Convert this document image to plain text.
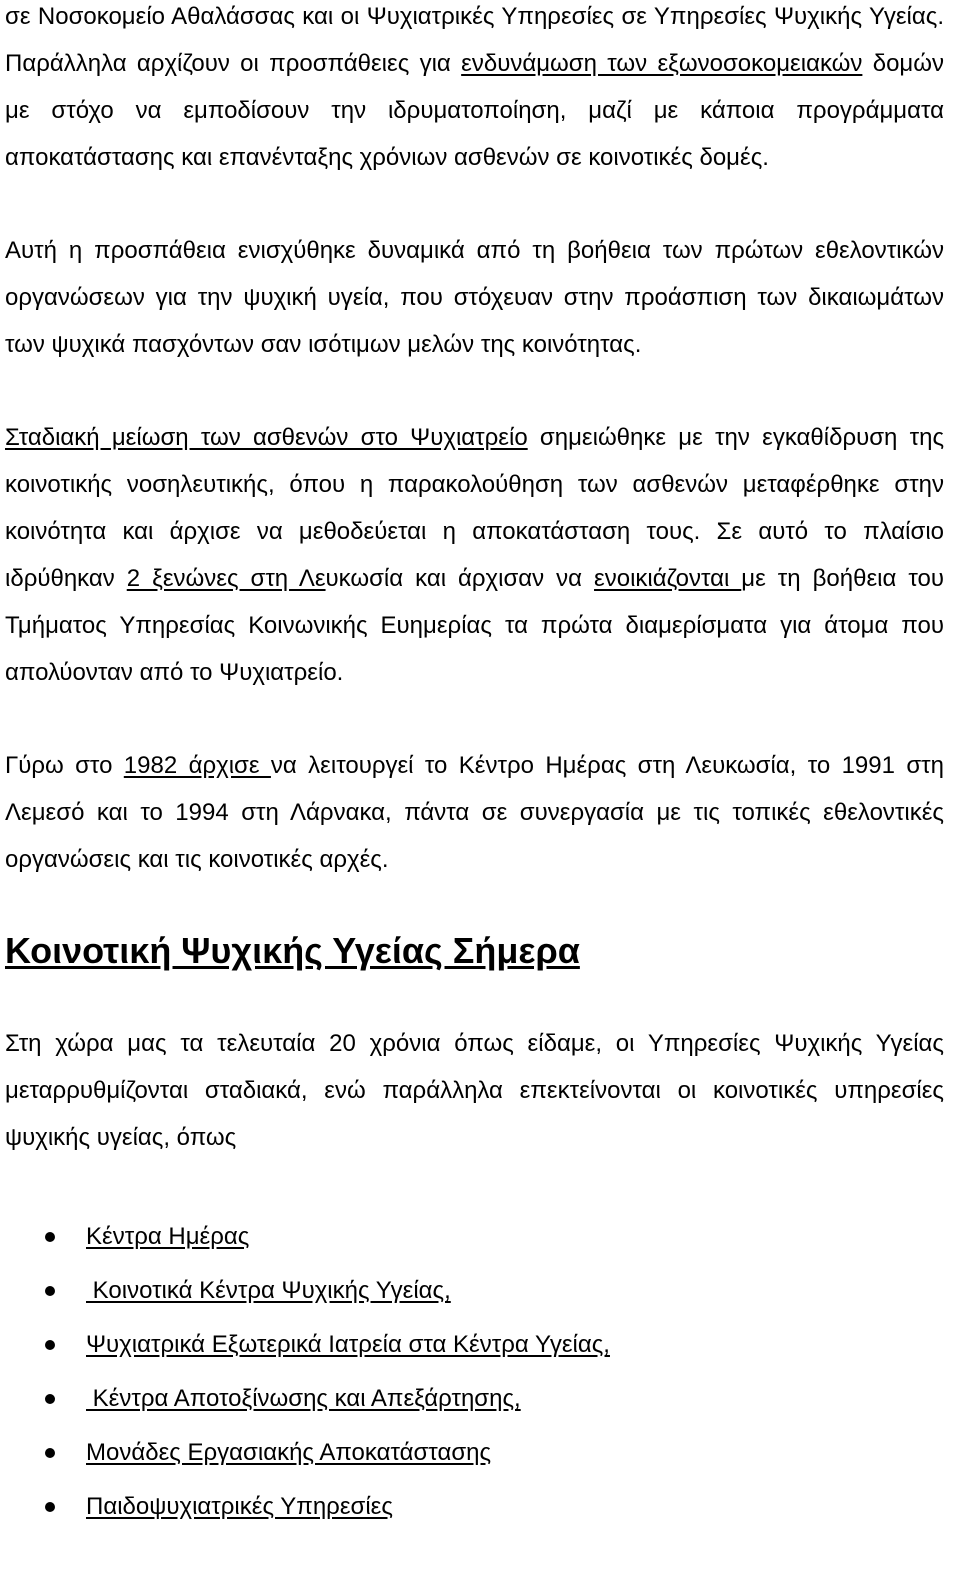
σε Νοσοκομείο Αθαλάσσας και οι Ψυχιατρικές Υπηρεσίες σε Υπηρεσίες Ψυχικής Υγείας. Παράλληλα αρχίζουν οι προσπάθειες για ενδυνάμωση των εξωνοσοκομειακών δομών με στόχο να εμποδίσουν την ιδρυματοποίηση, μαζί με κάποια προγράμματα αποκατάστασης και επανένταξης χρόνιων ασθενών σε κοινοτικές δομές.

Αυτή η προσπάθεια ενισχύθηκε δυναμικά από τη βοήθεια των πρώτων εθελοντικών οργανώσεων για την ψυχική υγεία, που στόχευαν στην προάσπιση των δικαιωμάτων των ψυχικά πασχόντων σαν ισότιμων μελών της κοινότητας.

Σταδιακή μείωση των ασθενών στο Ψυχιατρείο σημειώθηκε με την εγκαθίδρυση της κοινοτικής νοσηλευτικής, όπου η παρακολούθηση των ασθενών μεταφέρθηκε στην κοινότητα και άρχισε να μεθοδεύεται η αποκατάσταση τους. Σε αυτό το πλαίσιο ιδρύθηκαν 2 ξενώνες στη Λευκωσία και άρχισαν να ενοικιάζονται με τη βοήθεια του Τμήματος Υπηρεσίας Κοινωνικής Ευημερίας τα πρώτα διαμερίσματα για άτομα που απολύονταν από το Ψυχιατρείο.

Γύρω στο 1982 άρχισε να λειτουργεί το Κέντρο Ημέρας στη Λευκωσία, το 1991 στη Λεμεσό και το 1994 στη Λάρνακα, πάντα σε συνεργασία με τις τοπικές εθελοντικές οργανώσεις και τις κοινοτικές αρχές.

Κοινοτική Ψυχικής Υγείας Σήμερα

Στη χώρα μας τα τελευταία 20 χρόνια όπως είδαμε, οι Υπηρεσίες Ψυχικής Υγείας μεταρρυθμίζονται σταδιακά, ενώ παράλληλα επεκτείνονται οι κοινοτικές υπηρεσίες ψυχικής υγείας, όπως

Κέντρα Ημέρας
Κοινοτικά Κέντρα Ψυχικής Υγείας,
Ψυχιατρικά Εξωτερικά Ιατρεία στα Κέντρα Υγείας,
Κέντρα Αποτοξίνωσης και Απεξάρτησης,
Μονάδες Εργασιακής Αποκατάστασης
Παιδοψυχιατρικές Υπηρεσίες
